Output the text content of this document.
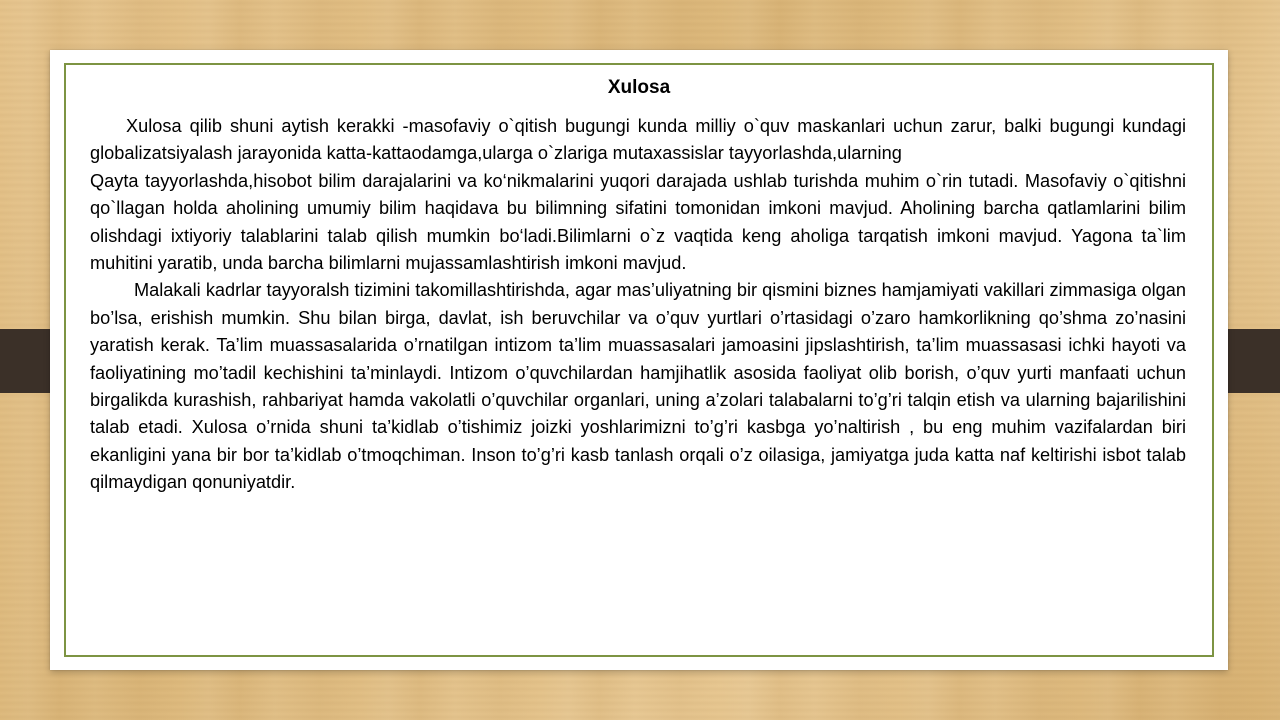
Xulosa

Xulosa qilib shuni aytish kerakki -masofaviy o`qitish bugungi kunda milliy o`quv maskanlari uchun zarur, balki bugungi kundagi globalizatsiyalash jarayonida katta-kattaodamga,ularga o`zlariga mutaxassislar tayyorlashda,ularning

Qayta tayyorlashda,hisobot bilim darajalarini va ko‘nikmalarini yuqori darajada ushlab turishda muhim o`rin tutadi. Masofaviy o`qitishni qo`llagan holda aholining umumiy bilim haqidava bu bilimning sifatini tomonidan imkoni mavjud. Aholining barcha qatlamlarini bilim olishdagi ixtiyoriy talablarini talab qilish mumkin bo‘ladi.Bilimlarni o`z vaqtida keng aholiga tarqatish imkoni mavjud. Yagona ta`lim muhitini yaratib, unda barcha bilimlarni mujassamlashtirish imkoni mavjud.

Malakali kadrlar tayyoralsh tizimini takomillashtirishda, agar mas’uliyatning bir qismini biznes hamjamiyati vakillari zimmasiga olgan bo’lsa, erishish mumkin. Shu bilan birga, davlat, ish beruvchilar va o’quv yurtlari o’rtasidagi o’zaro hamkorlikning qo’shma zo’nasini yaratish kerak. Ta’lim muassasalarida o’rnatilgan intizom ta’lim muassasalari jamoasini jipslashtirish, ta’lim muassasasi ichki hayoti va faoliyatining mo’tadil kechishini ta’minlaydi. Intizom o’quvchilardan hamjihatlik asosida faoliyat olib borish, o’quv yurti manfaati uchun birgalikda kurashish, rahbariyat hamda vakolatli o’quvchilar organlari, uning a’zolari talabalarni to’g’ri talqin etish va ularning bajarilishini talab etadi. Xulosa o’rnida shuni ta’kidlab o’tishimiz joizki yoshlarimizni to’g’ri kasbga yo’naltirish , bu eng muhim vazifalardan biri ekanligini yana bir bor ta’kidlab o’tmoqchiman. Inson to’g’ri kasb tanlash orqali o’z oilasiga, jamiyatga juda katta naf keltirishi isbot talab qilmaydigan qonuniyatdir.
